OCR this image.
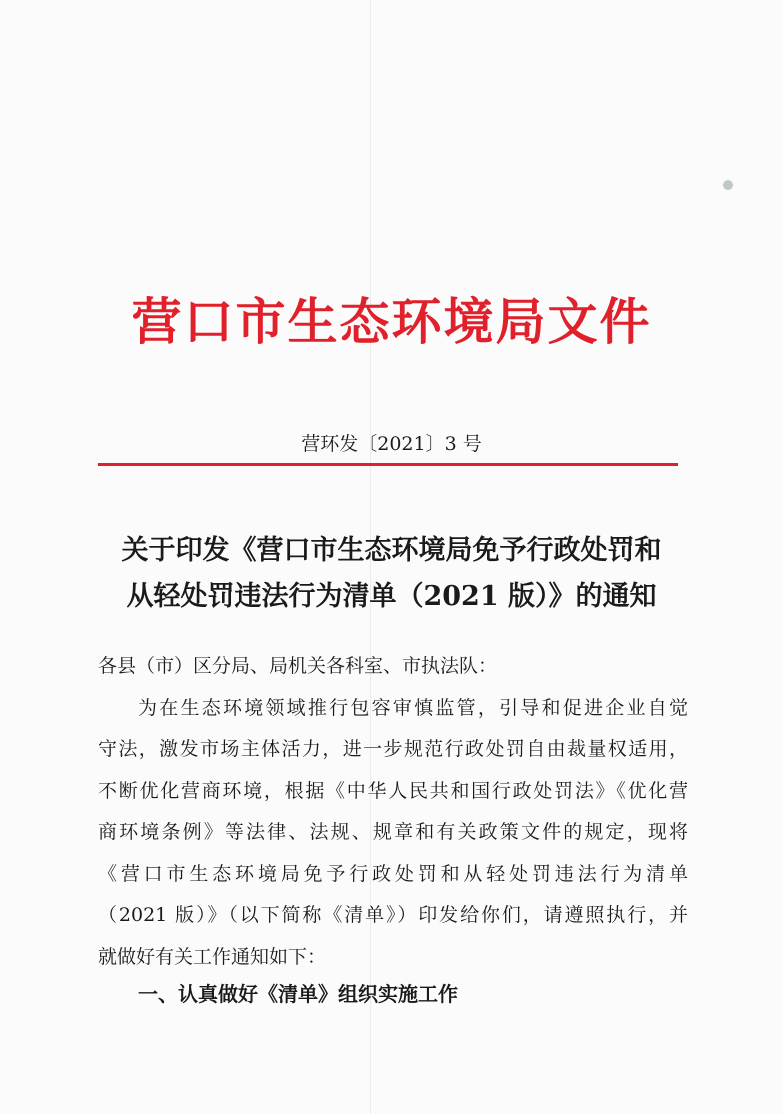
营口市生态环境局文件
营环发〔2021〕3 号
关于印发《营口市生态环境局免予行政处罚和
从轻处罚违法行为清单（2021 版）》的通知
各县（市）区分局、局机关各科室、市执法队：
为在生态环境领域推行包容审慎监管，引导和促进企业自觉
守法，激发市场主体活力，进一步规范行政处罚自由裁量权适用，
不断优化营商环境，根据《中华人民共和国行政处罚法》《优化营
商环境条例》等法律、法规、规章和有关政策文件的规定，现将
《营口市生态环境局免予行政处罚和从轻处罚违法行为清单
（2021 版）》（以下简称《清单》）印发给你们，请遵照执行，并
就做好有关工作通知如下：
一、认真做好《清单》组织实施工作
